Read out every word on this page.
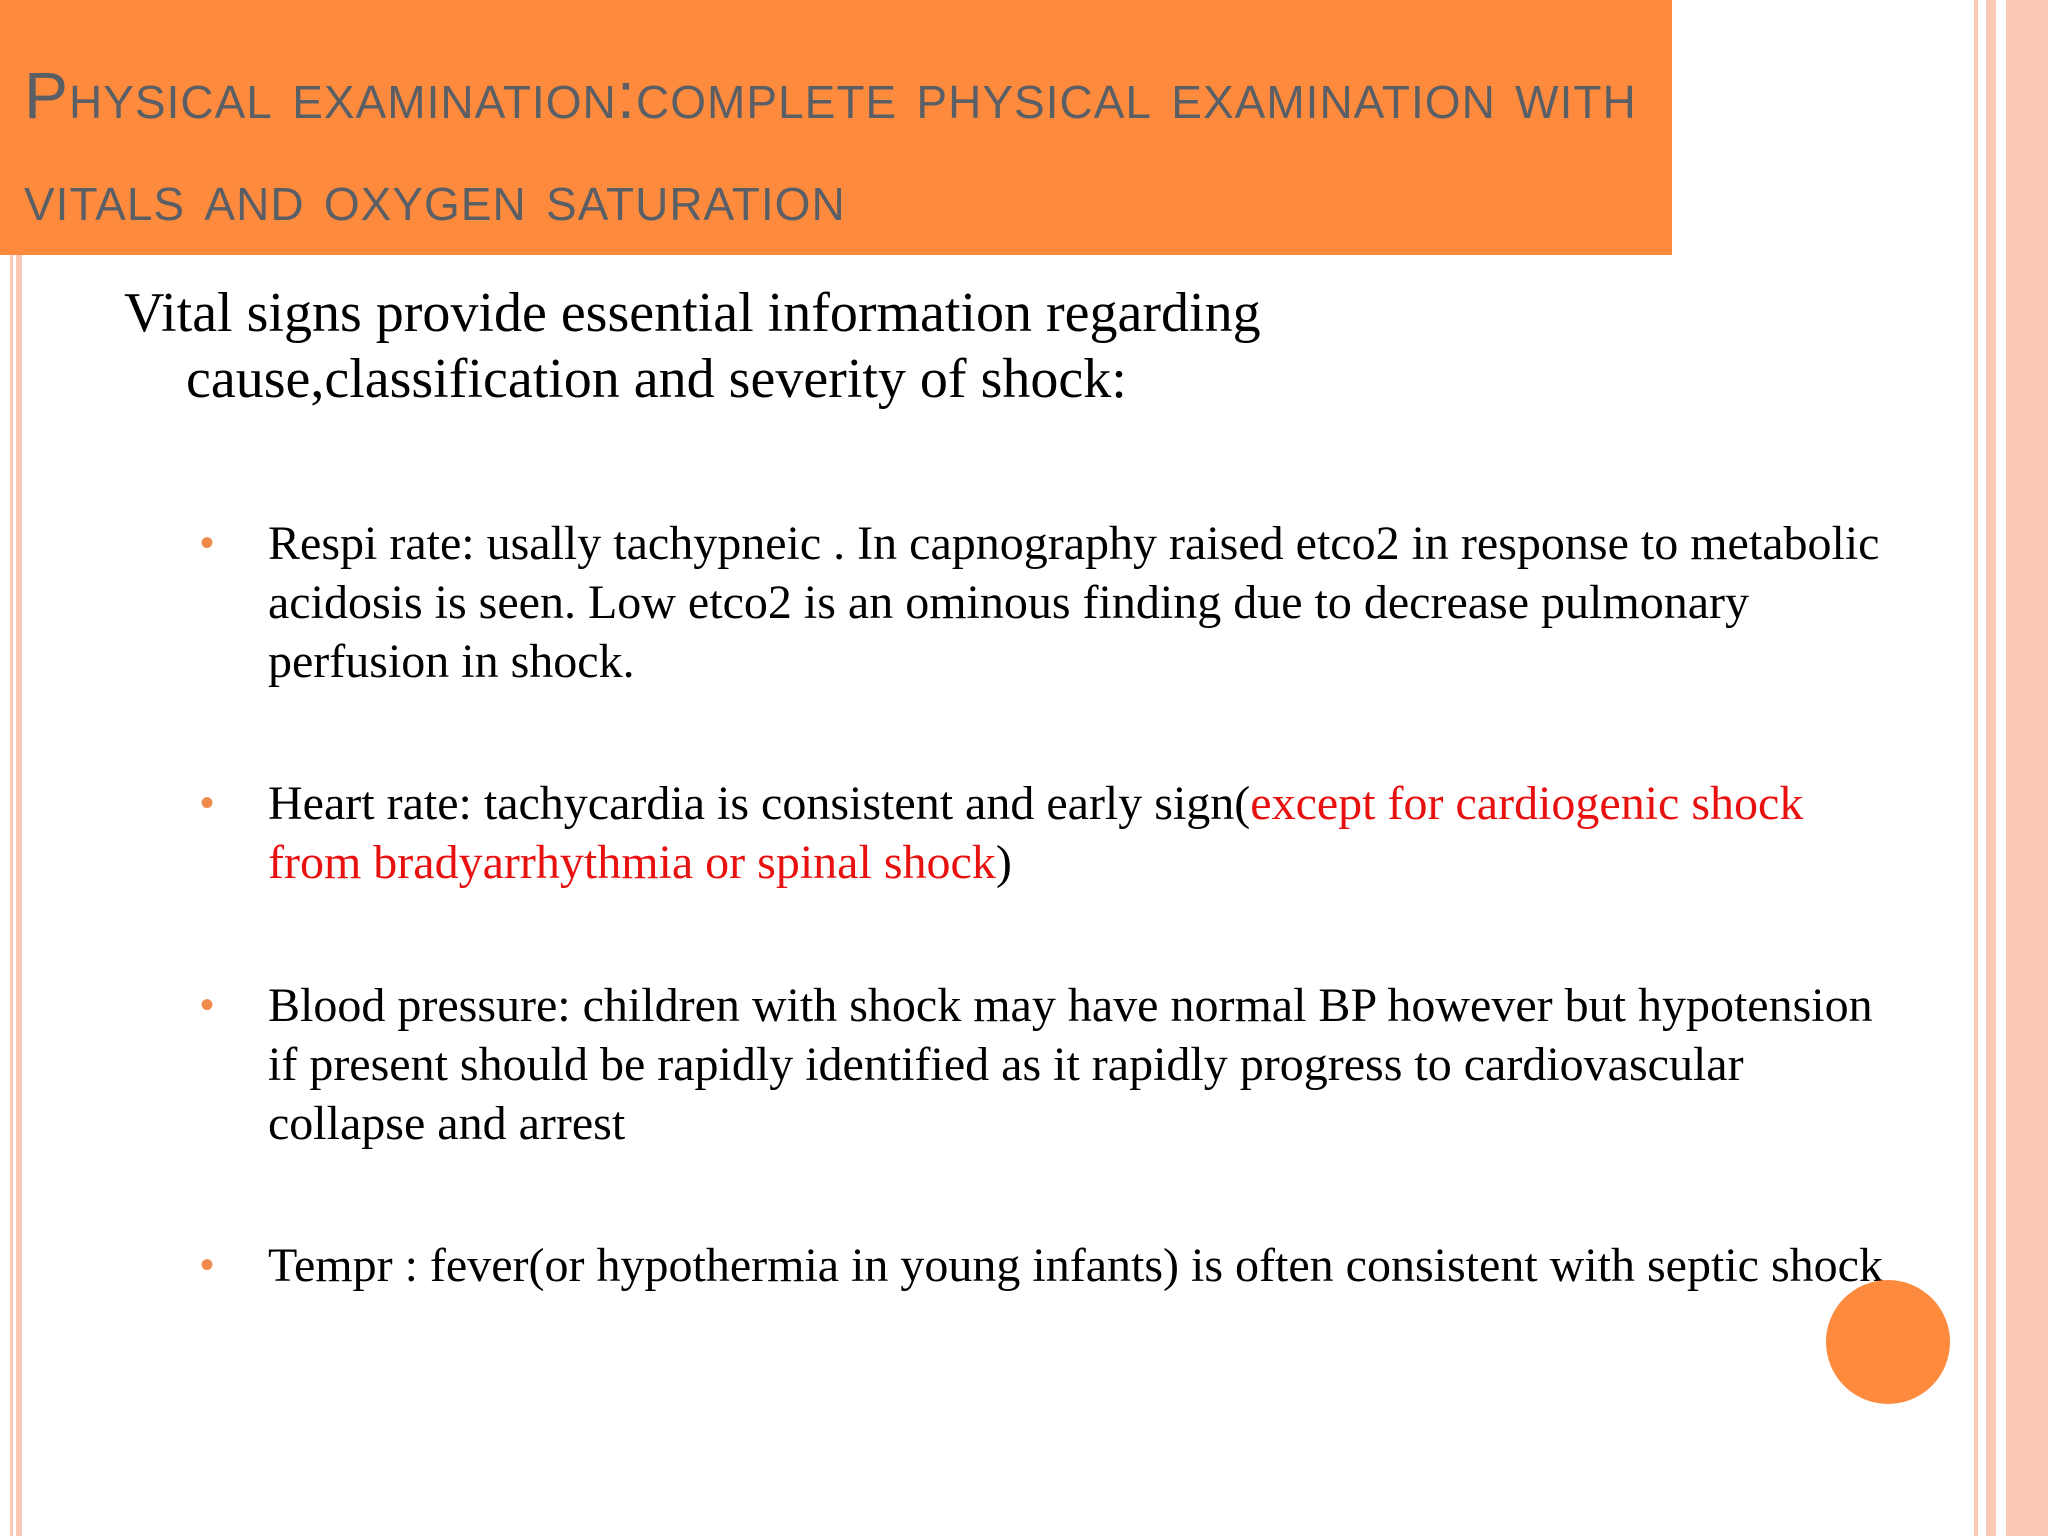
Physical examination:complete physical examination with vitals and oxygen saturation

Vital signs provide essential information regarding
cause,classification and severity of shock:

• Respi rate: usally tachypneic . In capnography raised etco2 in response to metabolic acidosis is seen. Low etco2 is an ominous finding due to decrease pulmonary perfusion in shock.
• Heart rate: tachycardia is consistent and early sign(except for cardiogenic shock from bradyarrhythmia or spinal shock)
• Blood pressure: children with shock may have normal BP however but hypotension if present should be rapidly identified as it rapidly progress to cardiovascular collapse and arrest
• Tempr : fever(or hypothermia in young infants) is often consistent with septic shock
